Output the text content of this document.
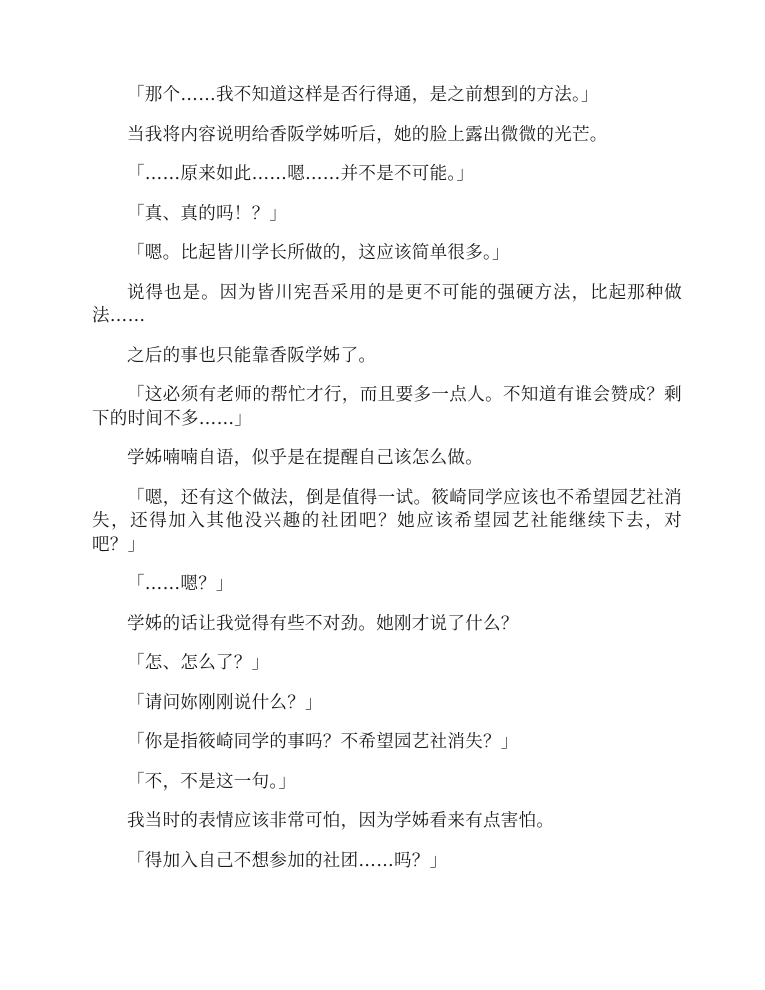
「那个……我不知道这样是否行得通，是之前想到的方法。」

当我将内容说明给香阪学姊听后，她的脸上露出微微的光芒。

「……原来如此……嗯……并不是不可能。」

「真、真的吗！？」

「嗯。比起皆川学长所做的，这应该简单很多。」

说得也是。因为皆川宪吾采用的是更不可能的强硬方法，比起那种做法……

之后的事也只能靠香阪学姊了。

「这必须有老师的帮忙才行，而且要多一点人。不知道有谁会赞成？剩下的时间不多……」

学姊喃喃自语，似乎是在提醒自己该怎么做。

「嗯，还有这个做法，倒是值得一试。筱崎同学应该也不希望园艺社消失，还得加入其他没兴趣的社团吧？她应该希望园艺社能继续下去，对吧？」

「……嗯？」

学姊的话让我觉得有些不对劲。她刚才说了什么？

「怎、怎么了？」

「请问妳刚刚说什么？」

「你是指筱崎同学的事吗？不希望园艺社消失？」

「不，不是这一句。」

我当时的表情应该非常可怕，因为学姊看来有点害怕。

「得加入自己不想参加的社团……吗？」
